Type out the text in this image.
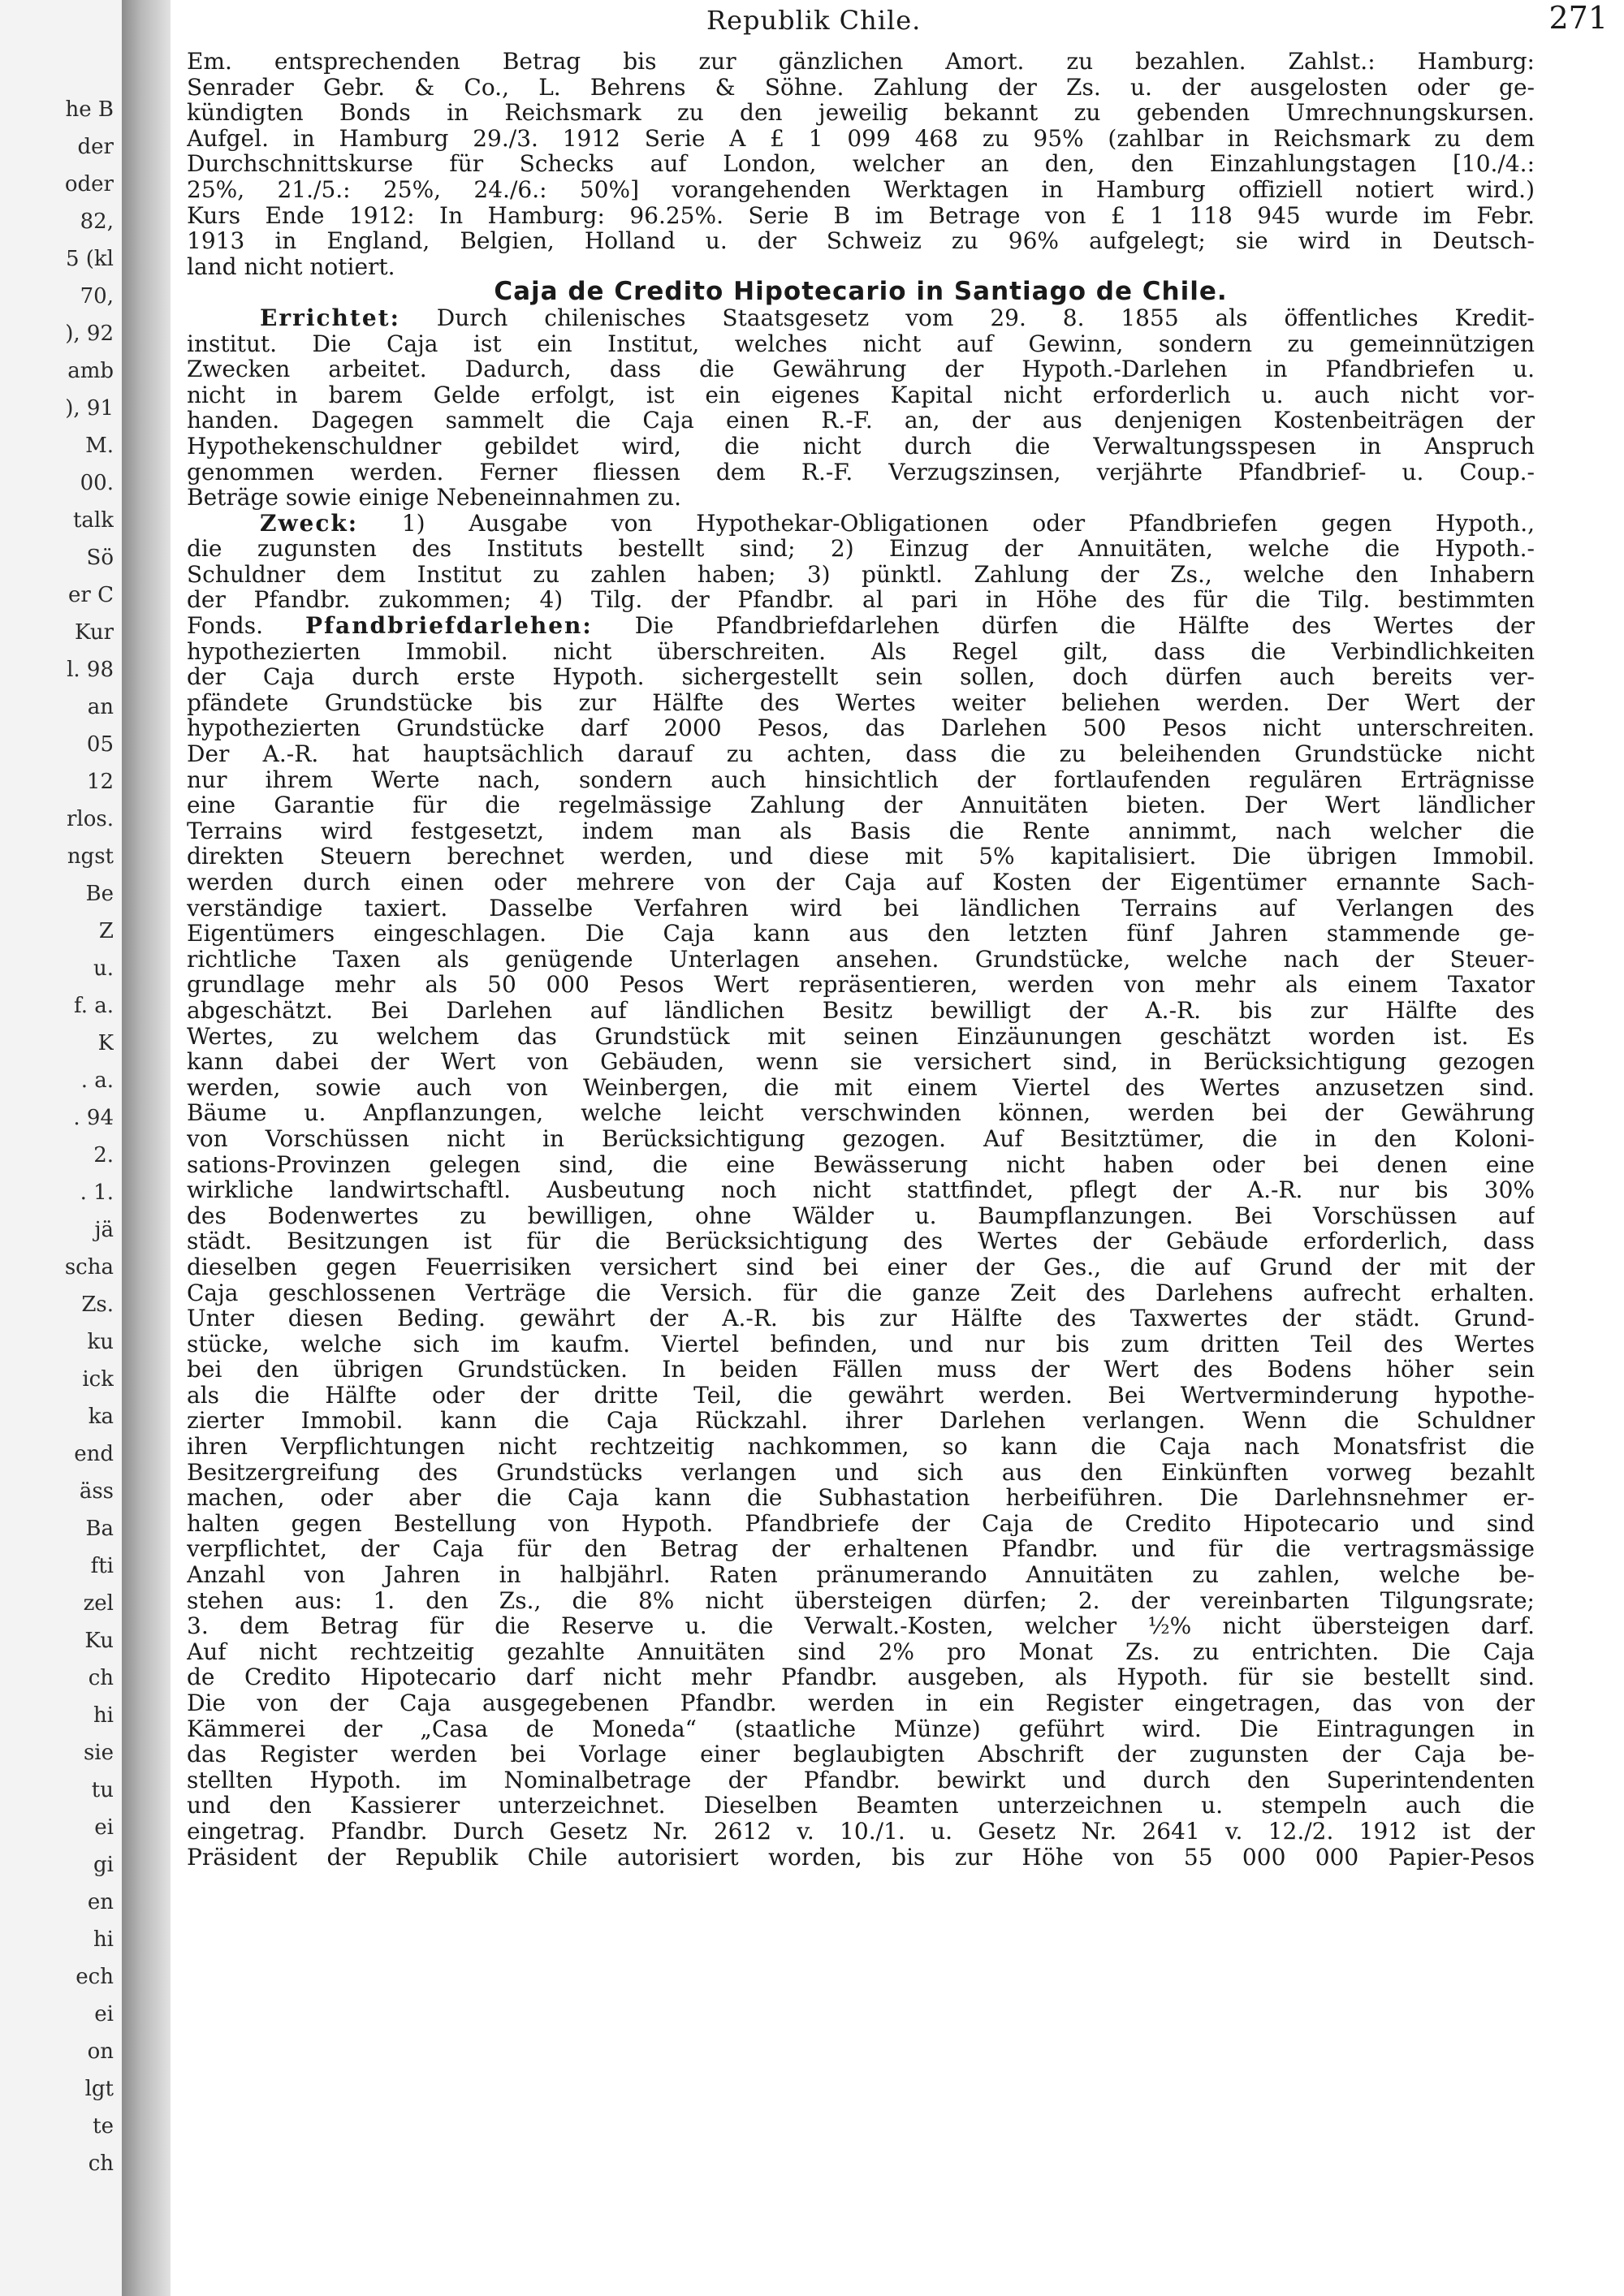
he B
der
oder
82,
5 (kl
70,
), 92
amb
), 91
M.
00.
talk
Sö
er C
Kur
l. 98
an
05
12
rlos.
ngst
Be
Z
u.
f. a.
K
. a.
. 94
2.
. 1.
jä
scha
Zs.
ku
ick
ka
end
äss
Ba
fti
zel
Ku
ch
hi
sie
tu
ei
gi
en
hi
ech
ei
on
lgt
te
ch
Republik Chile.	271
Em. entsprechenden Betrag bis zur gänzlichen Amort. zu bezahlen. Zahlst.: Hamburg:
Senrader Gebr. & Co., L. Behrens & Söhne. Zahlung der Zs. u. der ausgelosten oder ge-
kündigten Bonds in Reichsmark zu den jeweilig bekannt zu gebenden Umrechnungskursen.
Aufgel. in Hamburg 29./3. 1912 Serie A £ 1 099 468 zu 95% (zahlbar in Reichsmark zu dem
Durchschnittskurse für Schecks auf London, welcher an den, den Einzahlungstagen [10./4.:
25%, 21./5.: 25%, 24./6.: 50%] vorangehenden Werktagen in Hamburg offiziell notiert wird.)
Kurs Ende 1912: In Hamburg: 96.25%. Serie B im Betrage von £ 1 118 945 wurde im Febr.
1913 in England, Belgien, Holland u. der Schweiz zu 96% aufgelegt; sie wird in Deutsch-
land nicht notiert.
Caja de Credito Hipotecario in Santiago de Chile.
Errichtet: Durch chilenisches Staatsgesetz vom 29. 8. 1855 als öffentliches Kredit-
institut. Die Caja ist ein Institut, welches nicht auf Gewinn, sondern zu gemeinnützigen
Zwecken arbeitet. Dadurch, dass die Gewährung der Hypoth.-Darlehen in Pfandbriefen u.
nicht in barem Gelde erfolgt, ist ein eigenes Kapital nicht erforderlich u. auch nicht vor-
handen. Dagegen sammelt die Caja einen R.-F. an, der aus denjenigen Kostenbeiträgen der
Hypothekenschuldner gebildet wird, die nicht durch die Verwaltungsspesen in Anspruch
genommen werden. Ferner fliessen dem R.-F. Verzugszinsen, verjährte Pfandbrief- u. Coup.-
Beträge sowie einige Nebeneinnahmen zu.
Zweck: 1) Ausgabe von Hypothekar-Obligationen oder Pfandbriefen gegen Hypoth.,
die zugunsten des Instituts bestellt sind; 2) Einzug der Annuitäten, welche die Hypoth.-
Schuldner dem Institut zu zahlen haben; 3) pünktl. Zahlung der Zs., welche den Inhabern
der Pfandbr. zukommen; 4) Tilg. der Pfandbr. al pari in Höhe des für die Tilg. bestimmten
Fonds. Pfandbriefdarlehen: Die Pfandbriefdarlehen dürfen die Hälfte des Wertes der
hypothezierten Immobil. nicht überschreiten. Als Regel gilt, dass die Verbindlichkeiten
der Caja durch erste Hypoth. sichergestellt sein sollen, doch dürfen auch bereits ver-
pfändete Grundstücke bis zur Hälfte des Wertes weiter beliehen werden. Der Wert der
hypothezierten Grundstücke darf 2000 Pesos, das Darlehen 500 Pesos nicht unterschreiten.
Der A.-R. hat hauptsächlich darauf zu achten, dass die zu beleihenden Grundstücke nicht
nur ihrem Werte nach, sondern auch hinsichtlich der fortlaufenden regulären Erträgnisse
eine Garantie für die regelmässige Zahlung der Annuitäten bieten. Der Wert ländlicher
Terrains wird festgesetzt, indem man als Basis die Rente annimmt, nach welcher die
direkten Steuern berechnet werden, und diese mit 5% kapitalisiert. Die übrigen Immobil.
werden durch einen oder mehrere von der Caja auf Kosten der Eigentümer ernannte Sach-
verständige taxiert. Dasselbe Verfahren wird bei ländlichen Terrains auf Verlangen des
Eigentümers eingeschlagen. Die Caja kann aus den letzten fünf Jahren stammende ge-
richtliche Taxen als genügende Unterlagen ansehen. Grundstücke, welche nach der Steuer-
grundlage mehr als 50 000 Pesos Wert repräsentieren, werden von mehr als einem Taxator
abgeschätzt. Bei Darlehen auf ländlichen Besitz bewilligt der A.-R. bis zur Hälfte des
Wertes, zu welchem das Grundstück mit seinen Einzäunungen geschätzt worden ist. Es
kann dabei der Wert von Gebäuden, wenn sie versichert sind, in Berücksichtigung gezogen
werden, sowie auch von Weinbergen, die mit einem Viertel des Wertes anzusetzen sind.
Bäume u. Anpflanzungen, welche leicht verschwinden können, werden bei der Gewährung
von Vorschüssen nicht in Berücksichtigung gezogen. Auf Besitztümer, die in den Koloni-
sations-Provinzen gelegen sind, die eine Bewässerung nicht haben oder bei denen eine
wirkliche landwirtschaftl. Ausbeutung noch nicht stattfindet, pflegt der A.-R. nur bis 30%
des Bodenwertes zu bewilligen, ohne Wälder u. Baumpflanzungen. Bei Vorschüssen auf
städt. Besitzungen ist für die Berücksichtigung des Wertes der Gebäude erforderlich, dass
dieselben gegen Feuerrisiken versichert sind bei einer der Ges., die auf Grund der mit der
Caja geschlossenen Verträge die Versich. für die ganze Zeit des Darlehens aufrecht erhalten.
Unter diesen Beding. gewährt der A.-R. bis zur Hälfte des Taxwertes der städt. Grund-
stücke, welche sich im kaufm. Viertel befinden, und nur bis zum dritten Teil des Wertes
bei den übrigen Grundstücken. In beiden Fällen muss der Wert des Bodens höher sein
als die Hälfte oder der dritte Teil, die gewährt werden. Bei Wertverminderung hypothe-
zierter Immobil. kann die Caja Rückzahl. ihrer Darlehen verlangen. Wenn die Schuldner
ihren Verpflichtungen nicht rechtzeitig nachkommen, so kann die Caja nach Monatsfrist die
Besitzergreifung des Grundstücks verlangen und sich aus den Einkünften vorweg bezahlt
machen, oder aber die Caja kann die Subhastation herbeiführen. Die Darlehnsnehmer er-
halten gegen Bestellung von Hypoth. Pfandbriefe der Caja de Credito Hipotecario und sind
verpflichtet, der Caja für den Betrag der erhaltenen Pfandbr. und für die vertragsmässige
Anzahl von Jahren in halbjährl. Raten pränumerando Annuitäten zu zahlen, welche be-
stehen aus: 1. den Zs., die 8% nicht übersteigen dürfen; 2. der vereinbarten Tilgungsrate;
3. dem Betrag für die Reserve u. die Verwalt.-Kosten, welcher ½% nicht übersteigen darf.
Auf nicht rechtzeitig gezahlte Annuitäten sind 2% pro Monat Zs. zu entrichten. Die Caja
de Credito Hipotecario darf nicht mehr Pfandbr. ausgeben, als Hypoth. für sie bestellt sind.
Die von der Caja ausgegebenen Pfandbr. werden in ein Register eingetragen, das von der
Kämmerei der „Casa de Moneda“ (staatliche Münze) geführt wird. Die Eintragungen in
das Register werden bei Vorlage einer beglaubigten Abschrift der zugunsten der Caja be-
stellten Hypoth. im Nominalbetrage der Pfandbr. bewirkt und durch den Superintendenten
und den Kassierer unterzeichnet. Dieselben Beamten unterzeichnen u. stempeln auch die
eingetrag. Pfandbr. Durch Gesetz Nr. 2612 v. 10./1. u. Gesetz Nr. 2641 v. 12./2. 1912 ist der
Präsident der Republik Chile autorisiert worden, bis zur Höhe von 55 000 000 Papier-Pesos
